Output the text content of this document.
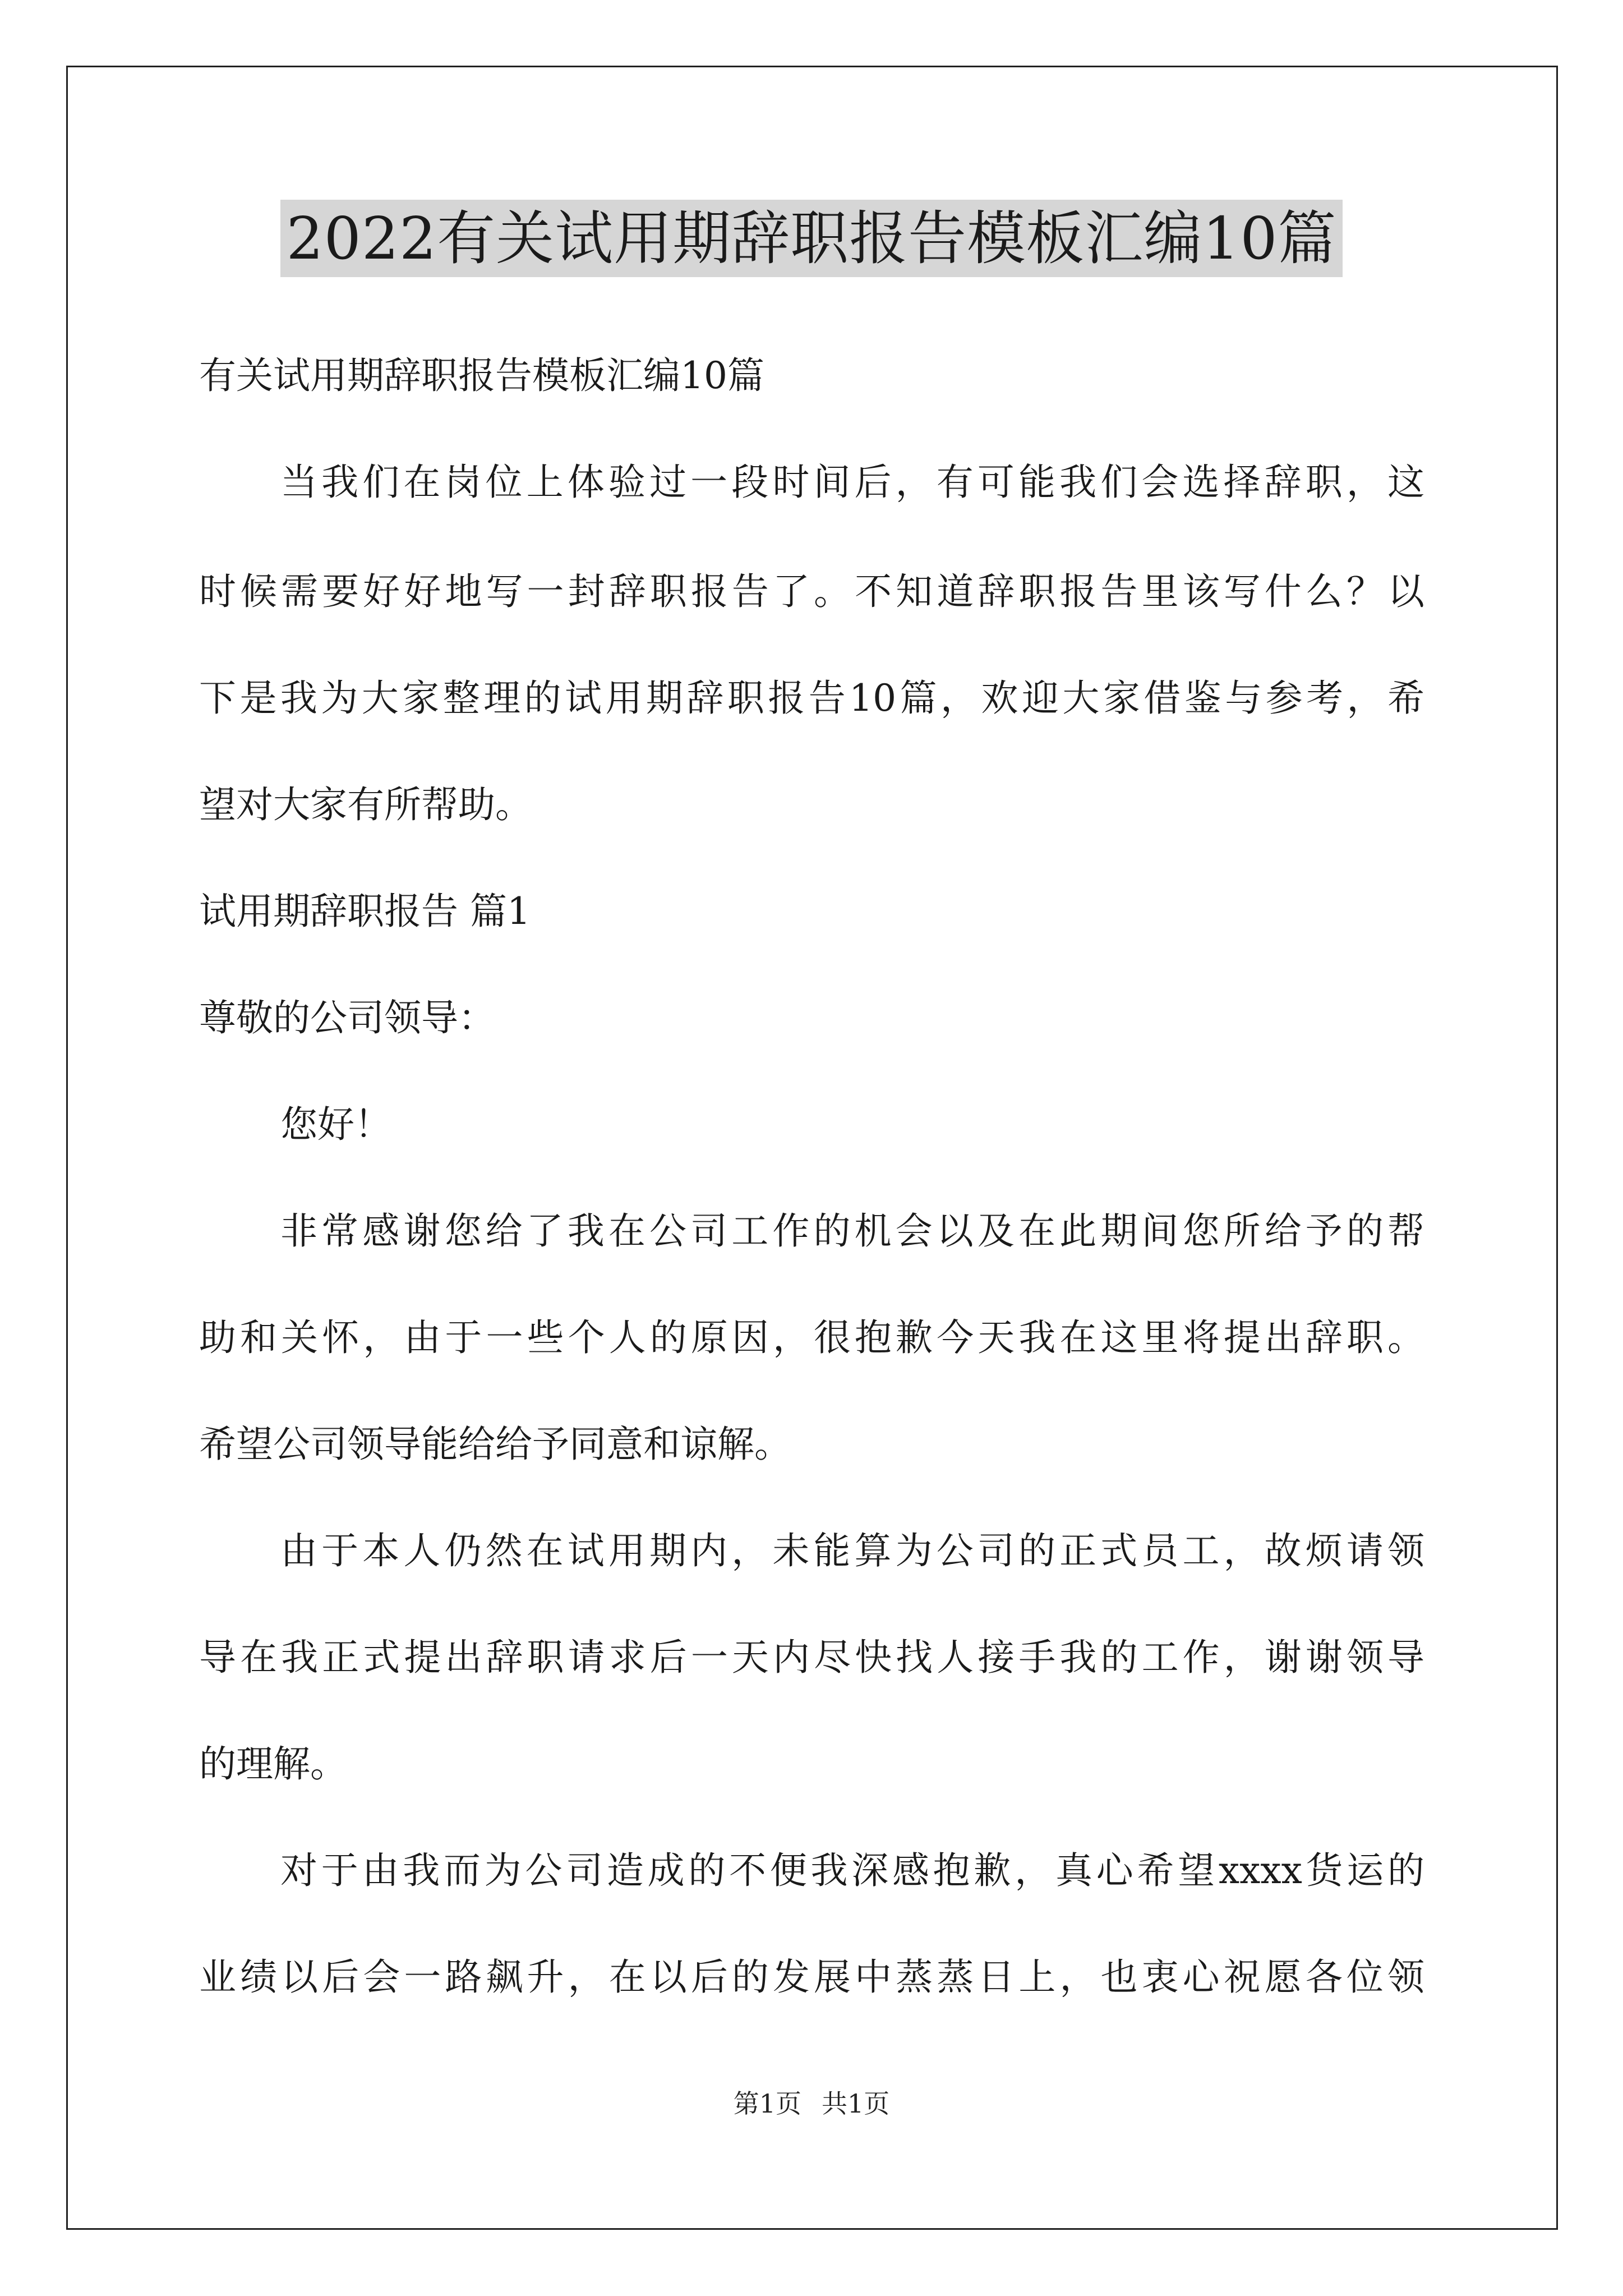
2022有关试用期辞职报告模板汇编10篇

有关试用期辞职报告模板汇编10篇

当我们在岗位上体验过一段时间后，有可能我们会选择辞职，这

时候需要好好地写一封辞职报告了。不知道辞职报告里该写什么？以

下是我为大家整理的试用期辞职报告10篇，欢迎大家借鉴与参考，希

望对大家有所帮助。

试用期辞职报告 篇1

尊敬的公司领导：

您好！

非常感谢您给了我在公司工作的机会以及在此期间您所给予的帮

助和关怀，由于一些个人的原因，很抱歉今天我在这里将提出辞职。

希望公司领导能给给予同意和谅解。

由于本人仍然在试用期内，未能算为公司的正式员工，故烦请领

导在我正式提出辞职请求后一天内尽快找人接手我的工作，谢谢领导

的理解。

对于由我而为公司造成的不便我深感抱歉，真心希望xxxx货运的

业绩以后会一路飙升，在以后的发展中蒸蒸日上，也衷心祝愿各位领

第1页 共1页
